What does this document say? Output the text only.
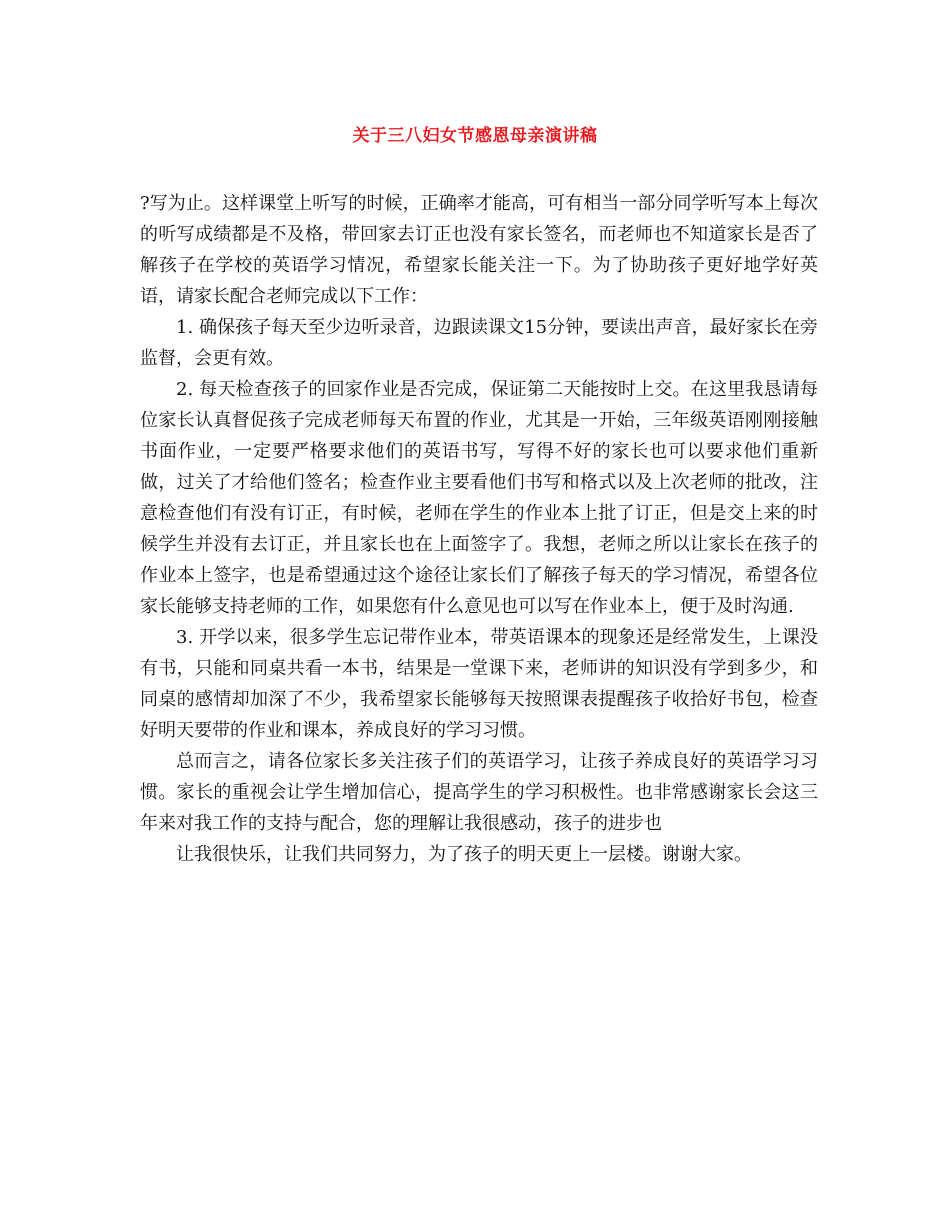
关于三八妇女节感恩母亲演讲稿

?写为止。这样课堂上听写的时候，正确率才能高，可有相当一部分同学听写本上每次的听写成绩都是不及格，带回家去订正也没有家长签名，而老师也不知道家长是否了解孩子在学校的英语学习情况，希望家长能关注一下。为了协助孩子更好地学好英语，请家长配合老师完成以下工作：

1. 确保孩子每天至少边听录音，边跟读课文15分钟，要读出声音，最好家长在旁监督，会更有效。

2. 每天检查孩子的回家作业是否完成，保证第二天能按时上交。在这里我恳请每位家长认真督促孩子完成老师每天布置的作业，尤其是一开始，三年级英语刚刚接触书面作业，一定要严格要求他们的英语书写，写得不好的家长也可以要求他们重新做，过关了才给他们签名；检查作业主要看他们书写和格式以及上次老师的批改，注意检查他们有没有订正，有时候，老师在学生的作业本上批了订正，但是交上来的时候学生并没有去订正，并且家长也在上面签字了。我想，老师之所以让家长在孩子的作业本上签字，也是希望通过这个途径让家长们了解孩子每天的学习情况，希望各位家长能够支持老师的工作，如果您有什么意见也可以写在作业本上，便于及时沟通.

3. 开学以来，很多学生忘记带作业本，带英语课本的现象还是经常发生，上课没有书，只能和同桌共看一本书，结果是一堂课下来，老师讲的知识没有学到多少，和同桌的感情却加深了不少，我希望家长能够每天按照课表提醒孩子收拾好书包，检查好明天要带的作业和课本，养成良好的学习习惯。

总而言之，请各位家长多关注孩子们的英语学习，让孩子养成良好的英语学习习惯。家长的重视会让学生增加信心，提高学生的学习积极性。也非常感谢家长会这三年来对我工作的支持与配合，您的理解让我很感动，孩子的进步也

让我很快乐，让我们共同努力，为了孩子的明天更上一层楼。谢谢大家。
